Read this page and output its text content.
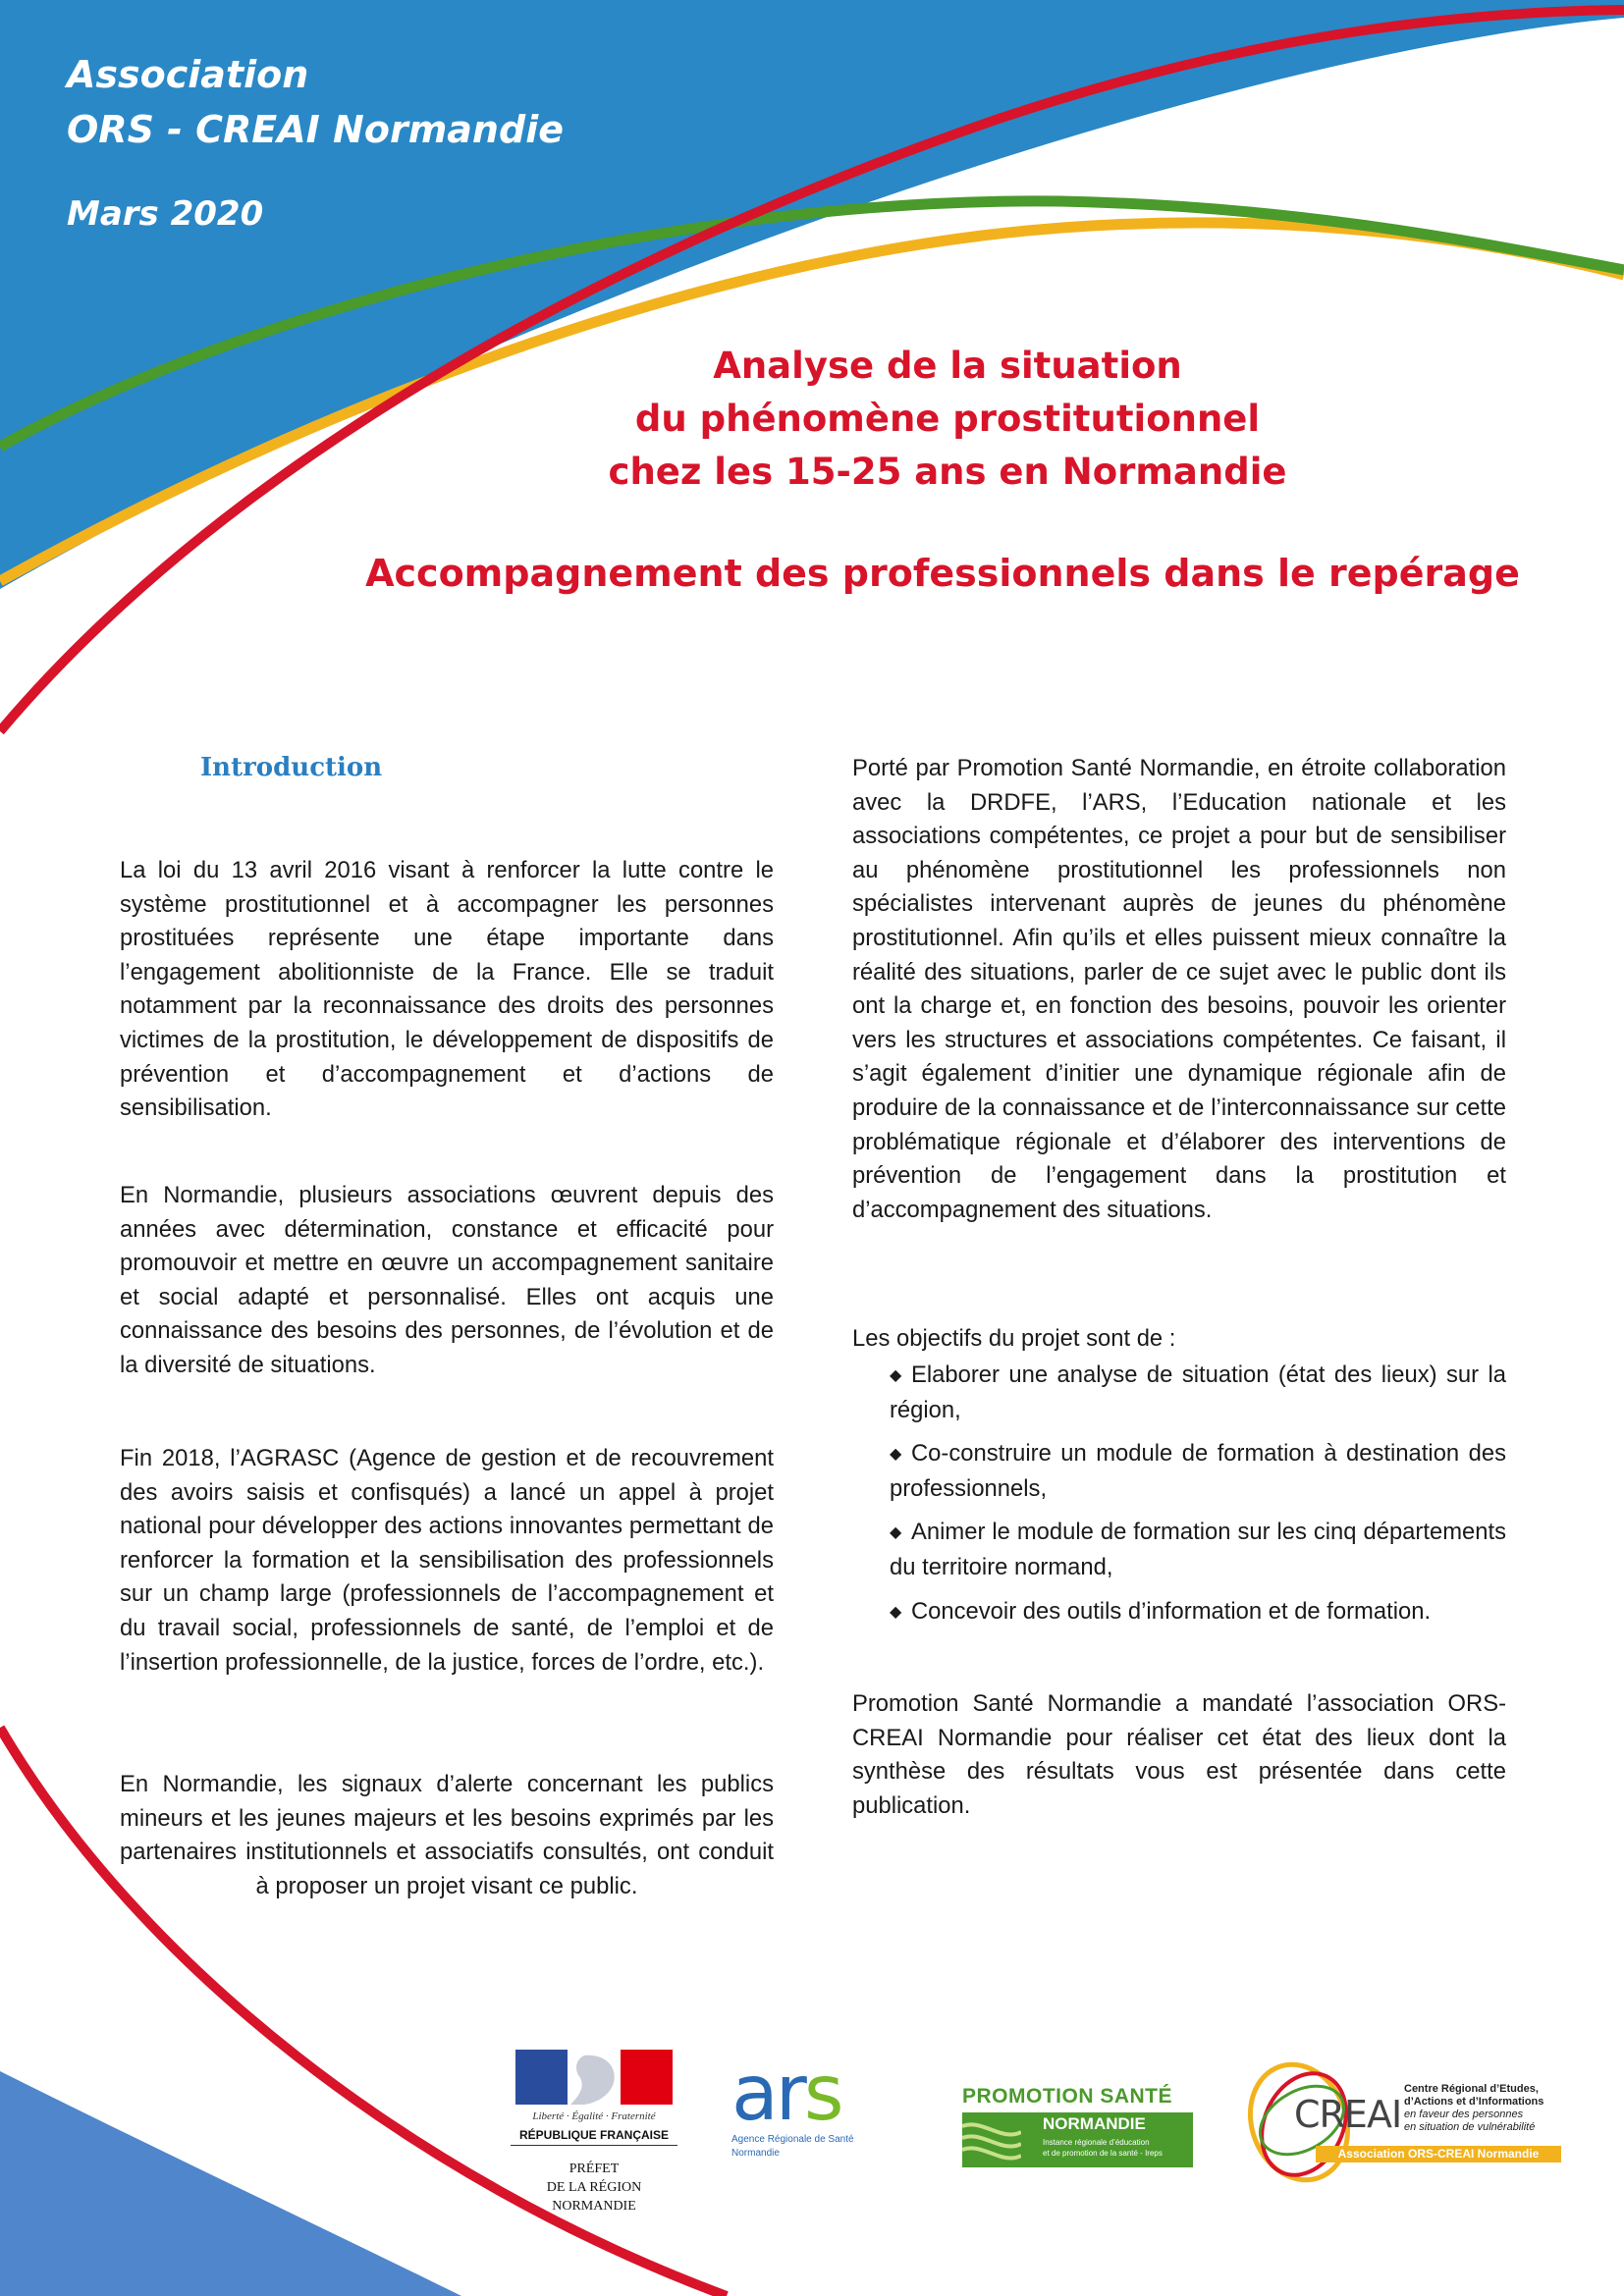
Association
ORS - CREAI Normandie
Mars 2020
Analyse de la situation
du phénomène prostitutionnel
chez les 15-25 ans en Normandie
Accompagnement des professionnels dans le repérage
Introduction

La loi du 13 avril 2016 visant à renforcer la lutte contre le système prostitutionnel et à accompagner les personnes prostituées représente une étape importante dans l’engagement abolitionniste de la France. Elle se traduit notamment par la reconnaissance des droits des personnes victimes de la prostitution, le développement de dispositifs de prévention et d’accompagnement et d’actions de sensibilisation.

En Normandie, plusieurs associations œuvrent depuis des années avec détermination, constance et efficacité pour promouvoir et mettre en œuvre un accompagnement sanitaire et social adapté et personnalisé. Elles ont acquis une connaissance des besoins des personnes, de l’évolution et de la diversité de situations.

Fin 2018, l’AGRASC (Agence de gestion et de recouvrement des avoirs saisis et confisqués) a lancé un appel à projet national pour développer des actions innovantes permettant de renforcer la formation et la sensibilisation des professionnels sur un champ large (professionnels de l’accompagnement et du travail social, professionnels de santé, de l’emploi et de l’insertion professionnelle, de la justice, forces de l’ordre, etc.).

En Normandie, les signaux d’alerte concernant les publics mineurs et les jeunes majeurs et les besoins exprimés par les partenaires institutionnels et associatifs consultés, ont conduit à proposer un projet visant ce public.

Porté par Promotion Santé Normandie, en étroite collaboration avec la DRDFE, l’ARS, l’Education nationale et les associations compétentes, ce projet a pour but de sensibiliser au phénomène prostitutionnel les professionnels non spécialistes intervenant auprès de jeunes du phénomène prostitutionnel. Afin qu’ils et elles puissent mieux connaître la réalité des situations, parler de ce sujet avec le public dont ils ont la charge et, en fonction des besoins, pouvoir les orienter vers les structures et associations compétentes. Ce faisant, il s’agit également d’initier une dynamique régionale afin de produire de la connaissance et de l’interconnaissance sur cette problématique régionale et d’élaborer des interventions de prévention de l’engagement dans la prostitution et d’accompagnement des situations.

Les objectifs du projet sont de :

◆ Elaborer une analyse de situation (état des lieux) sur la région,
◆ Co-construire un module de formation à destination des professionnels,
◆ Animer le module de formation sur les cinq départements du territoire normand,
◆ Concevoir des outils d’information et de formation.

Promotion Santé Normandie a mandaté l’association ORS-CREAI Normandie pour réaliser cet état des lieux dont la synthèse des résultats vous est présentée dans cette publication.

Liberté · Égalité · Fraternité
RÉPUBLIQUE FRANÇAISE
PRÉFET
DE LA RÉGION
NORMANDIE
ars
Agence Régionale de Santé
Normandie
PROMOTION SANTÉ
NORMANDIE
Instance régionale d’éducation
et de promotion de la santé - Ireps
CREAI
Centre Régional d’Etudes,
d’Actions et d’Informations
en faveur des personnes
en situation de vulnérabilité
Association ORS-CREAI Normandie
